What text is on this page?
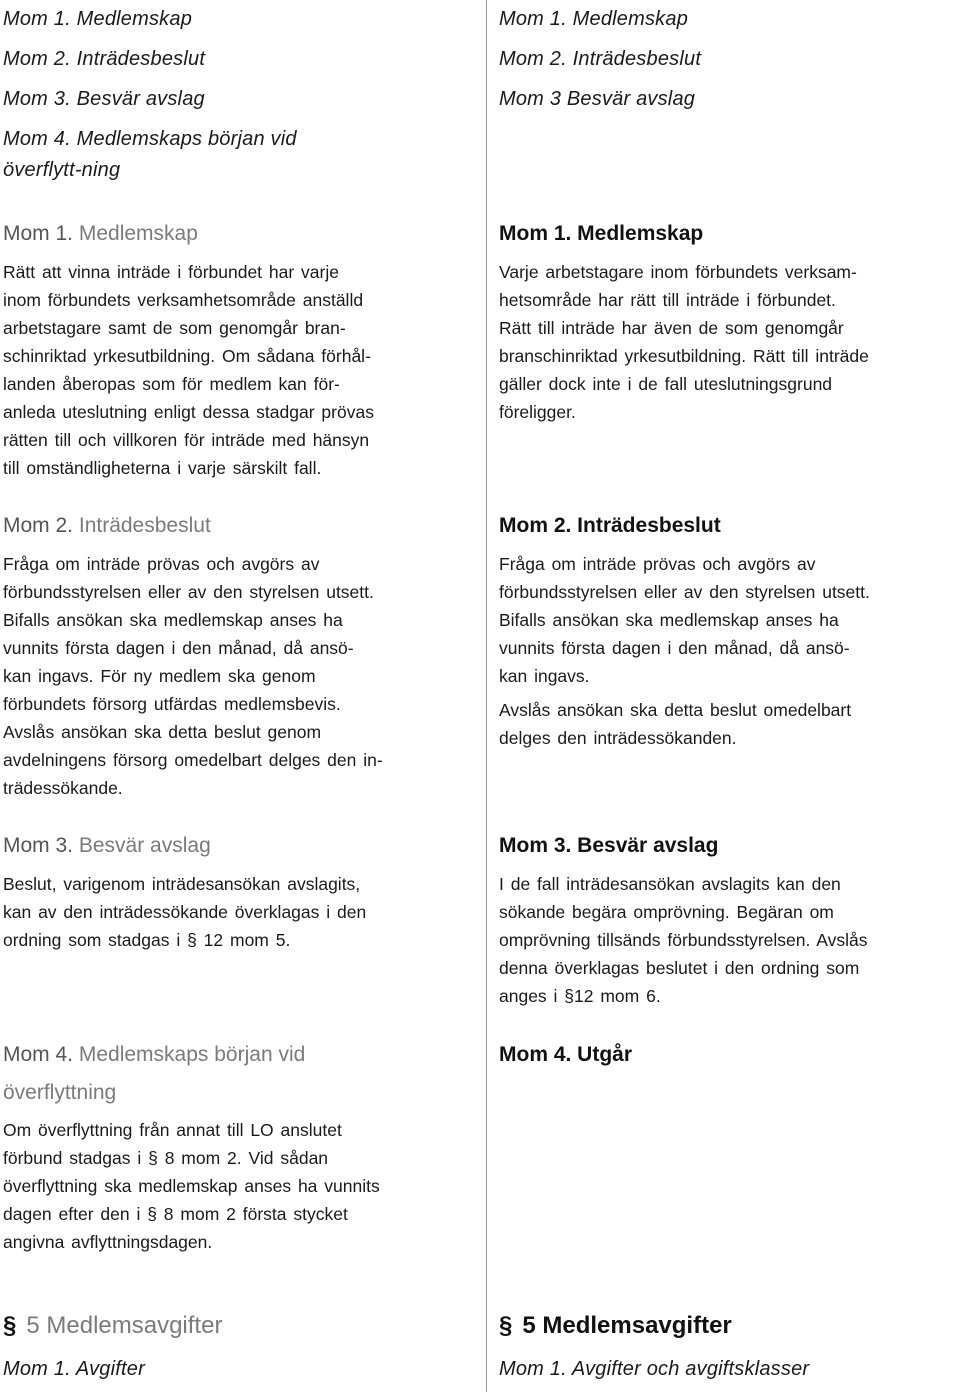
Mom 1. Medlemskap
Mom 2. Inträdesbeslut
Mom 3. Besvär avslag
Mom 4. Medlemskaps början vid överflytt-ning
Mom 1. Medlemskap
Rätt att vinna inträde i förbundet har varje
inom förbundets verksamhetsområde anställd
arbetstagare samt de som genomgår bran-
schinriktad yrkesutbildning. Om sådana förhål-
landen åberopas som för medlem kan för-
anleda uteslutning enligt dessa stadgar prövas
rätten till och villkoren för inträde med hänsyn
till omständligheterna i varje särskilt fall.
Mom 2. Inträdesbeslut
Fråga om inträde prövas och avgörs av
förbundsstyrelsen eller av den styrelsen utsett.
Bifalls ansökan ska medlemskap anses ha
vunnits första dagen i den månad, då ansö-
kan ingavs. För ny medlem ska genom
förbundets försorg utfärdas medlemsbevis.
Avslås ansökan ska detta beslut genom
avdelningens försorg omedelbart delges den in-
trädessökande.
Mom 3. Besvär avslag
Beslut, varigenom inträdesansökan avslagits,
kan av den inträdessökande överklagas i den
ordning som stadgas i § 12 mom 5.
Mom 4. Medlemskaps början vid överflyttning
Om överflyttning från annat till LO anslutet
förbund stadgas i § 8 mom 2. Vid sådan
överflyttning ska medlemskap anses ha vunnits
dagen efter den i § 8 mom 2 första stycket
angivna avflyttningsdagen.
§ 5 Medlemsavgifter
Mom 1. Avgifter
Mom 1. Medlemskap
Mom 2. Inträdesbeslut
Mom 3 Besvär avslag
Mom 1. Medlemskap
Varje arbetstagare inom förbundets verksam-
hetsområde har rätt till inträde i förbundet.
Rätt till inträde har även de som genomgår
branschinriktad yrkesutbildning. Rätt till inträde
gäller dock inte i de fall uteslutningsgrund
föreligger.
Mom 2. Inträdesbeslut
Fråga om inträde prövas och avgörs av
förbundsstyrelsen eller av den styrelsen utsett.
Bifalls ansökan ska medlemskap anses ha
vunnits första dagen i den månad, då ansö-
kan ingavs.
Avslås ansökan ska detta beslut omedelbart
delges den inträdessökanden.
Mom 3. Besvär avslag
I de fall inträdesansökan avslagits kan den
sökande begära omprövning. Begäran om
omprövning tillsänds förbundsstyrelsen. Avslås
denna överklagas beslutet i den ordning som
anges i §12 mom 6.
Mom 4. Utgår
§ 5 Medlemsavgifter
Mom 1. Avgifter och avgiftsklasser
